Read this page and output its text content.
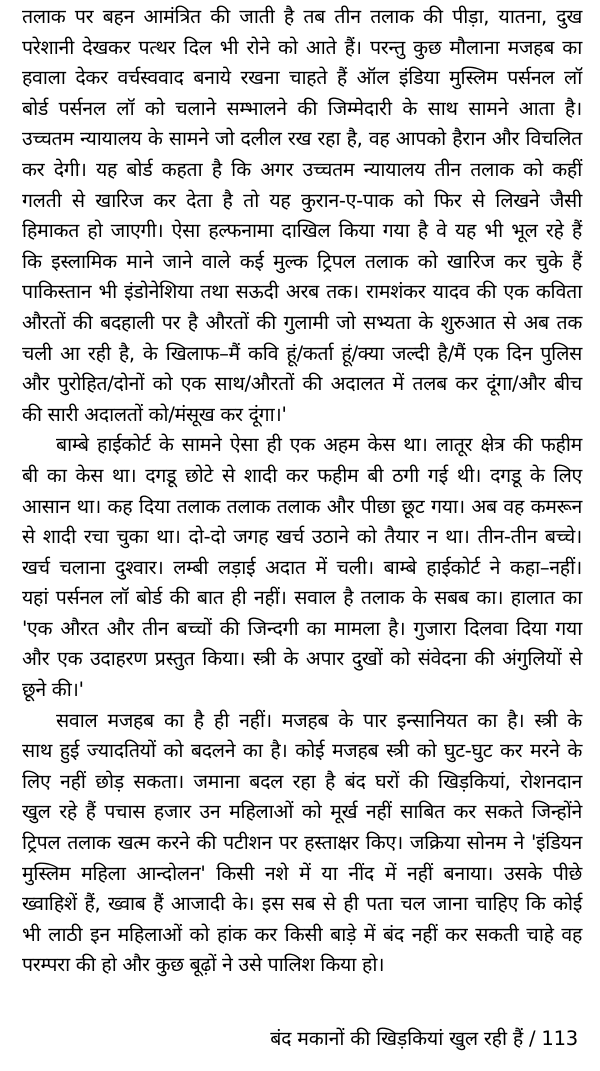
तलाक पर बहन आमंत्रित की जाती है तब तीन तलाक की पीड़ा, यातना, दुख
परेशानी देखकर पत्थर दिल भी रोने को आते हैं। परन्तु कुछ मौलाना मजहब का
हवाला देकर वर्चस्ववाद बनाये रखना चाहते हैं ऑल इंडिया मुस्लिम पर्सनल लॉ
बोर्ड पर्सनल लॉ को चलाने सम्भालने की जिम्मेदारी के साथ सामने आता है।
उच्चतम न्यायालय के सामने जो दलील रख रहा है, वह आपको हैरान और विचलित
कर देगी। यह बोर्ड कहता है कि अगर उच्चतम न्यायालय तीन तलाक को कहीं
गलती से खारिज कर देता है तो यह कुरान-ए-पाक को फिर से लिखने जैसी
हिमाकत हो जाएगी। ऐसा हल्फनामा दाखिल किया गया है वे यह भी भूल रहे हैं
कि इस्लामिक माने जाने वाले कई मुल्क ट्रिपल तलाक को खारिज कर चुके हैं
पाकिस्तान भी इंडोनेशिया तथा सऊदी अरब तक। रामशंकर यादव की एक कविता
औरतों की बदहाली पर है औरतों की गुलामी जो सभ्यता के शुरुआत से अब तक
चली आ रही है, के खिलाफ–मैं कवि हूं/कर्ता हूं/क्या जल्दी है/मैं एक दिन पुलिस
और पुरोहित/दोनों को एक साथ/औरतों की अदालत में तलब कर दूंगा/और बीच
की सारी अदालतों को/मंसूख कर दूंगा।'
बाम्बे हाईकोर्ट के सामने ऐसा ही एक अहम केस था। लातूर क्षेत्र की फहीम
बी का केस था। दगडू छोटे से शादी कर फहीम बी ठगी गई थी। दगडू के लिए
आसान था। कह दिया तलाक तलाक तलाक और पीछा छूट गया। अब वह कमरून
से शादी रचा चुका था। दो-दो जगह खर्च उठाने को तैयार न था। तीन-तीन बच्चे।
खर्च चलाना दुश्वार। लम्बी लड़ाई अदात में चली। बाम्बे हाईकोर्ट ने कहा–नहीं।
यहां पर्सनल लॉ बोर्ड की बात ही नहीं। सवाल है तलाक के सबब का। हालात का
'एक औरत और तीन बच्चों की जिन्दगी का मामला है। गुजारा दिलवा दिया गया
और एक उदाहरण प्रस्तुत किया। स्त्री के अपार दुखों को संवेदना की अंगुलियों से
छूने की।'
सवाल मजहब का है ही नहीं। मजहब के पार इन्सानियत का है। स्त्री के
साथ हुई ज्यादतियों को बदलने का है। कोई मजहब स्त्री को घुट-घुट कर मरने के
लिए नहीं छोड़ सकता। जमाना बदल रहा है बंद घरों की खिड़कियां, रोशनदान
खुल रहे हैं पचास हजार उन महिलाओं को मूर्ख नहीं साबित कर सकते जिन्होंने
ट्रिपल तलाक खत्म करने की पटीशन पर हस्ताक्षर किए। जक्रिया सोनम ने 'इंडियन
मुस्लिम महिला आन्दोलन' किसी नशे में या नींद में नहीं बनाया। उसके पीछे
ख्वाहिशें हैं, ख्वाब हैं आजादी के। इस सब से ही पता चल जाना चाहिए कि कोई
भी लाठी इन महिलाओं को हांक कर किसी बाड़े में बंद नहीं कर सकती चाहे वह
परम्परा की हो और कुछ बूढ़ों ने उसे पालिश किया हो।
बंद मकानों की खिड़कियां खुल रही हैं / 113
